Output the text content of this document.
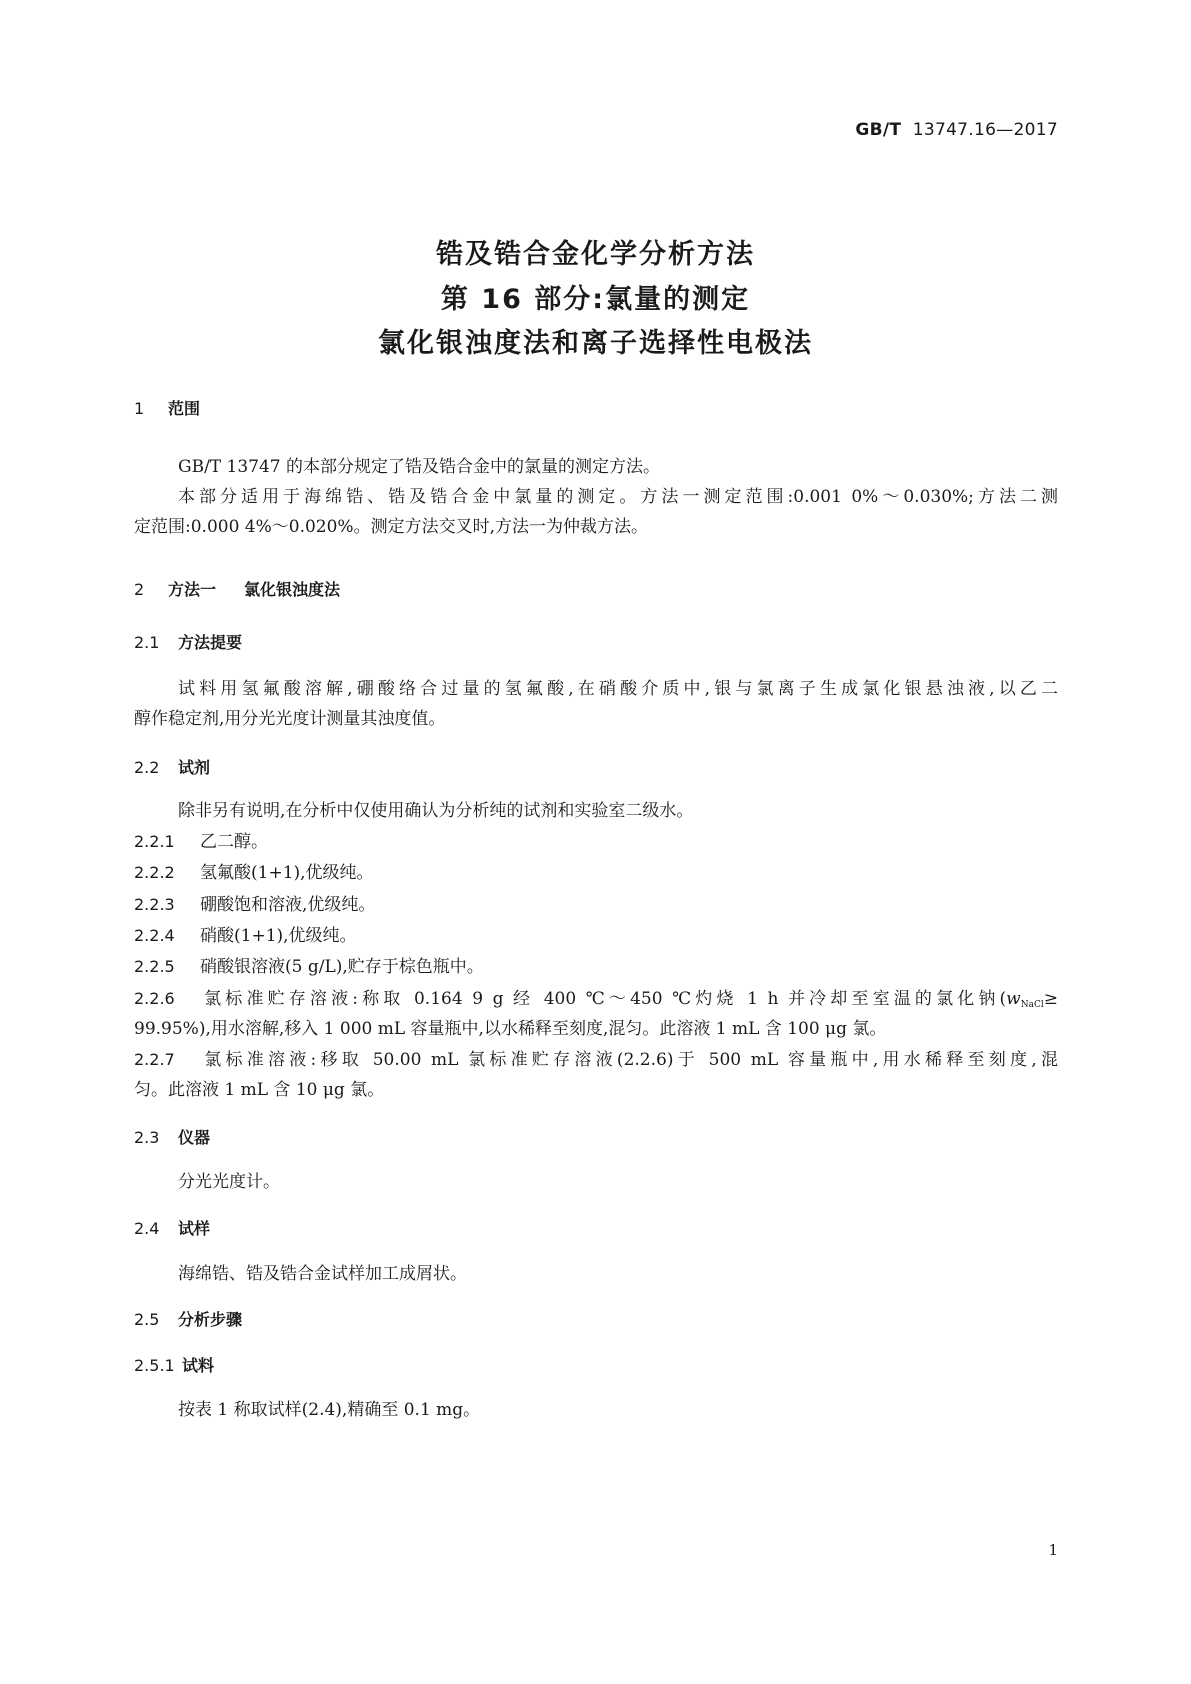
GB/T 13747.16—2017
锆及锆合金化学分析方法
第 16 部分:氯量的测定
氯化银浊度法和离子选择性电极法
1 范围
GB/T 13747 的本部分规定了锆及锆合金中的氯量的测定方法。
本部分适用于海绵锆、锆及锆合金中氯量的测定。方法一测定范围:0.001 0%～0.030%;方法二测
定范围:0.000 4%～0.020%。测定方法交叉时,方法一为仲裁方法。
2 方法一 氯化银浊度法
2.1 方法提要
试料用氢氟酸溶解,硼酸络合过量的氢氟酸,在硝酸介质中,银与氯离子生成氯化银悬浊液,以乙二
醇作稳定剂,用分光光度计测量其浊度值。
2.2 试剂
除非另有说明,在分析中仅使用确认为分析纯的试剂和实验室二级水。
2.2.1 乙二醇。
2.2.2 氢氟酸(1+1),优级纯。
2.2.3 硼酸饱和溶液,优级纯。
2.2.4 硝酸(1+1),优级纯。
2.2.5 硝酸银溶液(5 g/L),贮存于棕色瓶中。
2.2.6 氯标准贮存溶液:称取 0.164 9 g 经 400 ℃～450 ℃灼烧 1 h 并冷却至室温的氯化钠($w_{NaCl}\ge$
99.95%),用水溶解,移入 1 000 mL 容量瓶中,以水稀释至刻度,混匀。此溶液 1 mL 含 100 μg 氯。
2.2.7 氯标准溶液:移取 50.00 mL 氯标准贮存溶液(2.2.6)于 500 mL 容量瓶中,用水稀释至刻度,混
匀。此溶液 1 mL 含 10 μg 氯。
2.3 仪器
分光光度计。
2.4 试样
海绵锆、锆及锆合金试样加工成屑状。
2.5 分析步骤
2.5.1 试料
按表 1 称取试样(2.4),精确至 0.1 mg。
1
